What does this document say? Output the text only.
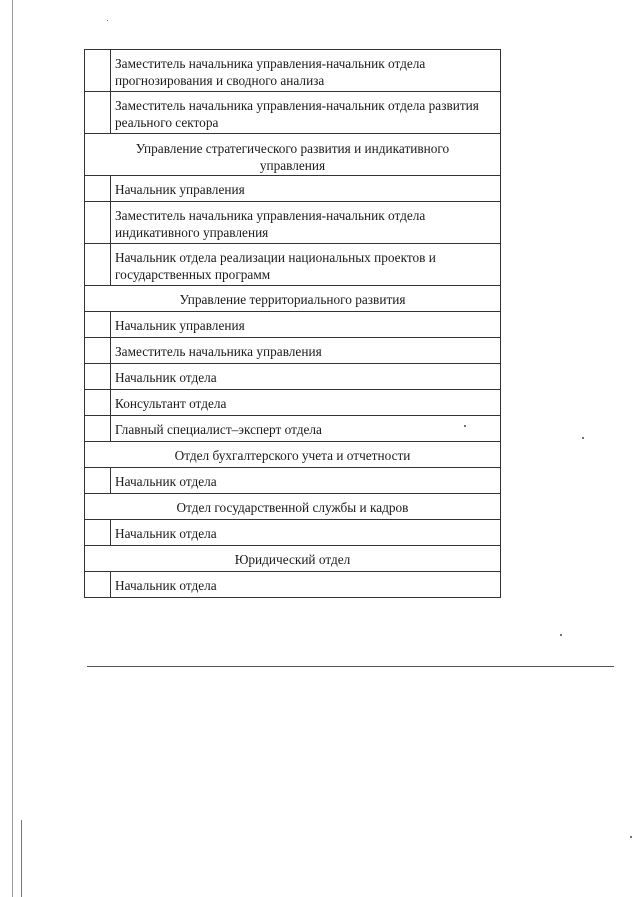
	Заместитель начальника управления-начальник отдела прогнозирования и сводного анализа
	Заместитель начальника управления-начальник отдела развития реального сектора
Управление стратегического развития и индикативного управления	
	Начальник управления
	Заместитель начальника управления-начальник отдела индикативного управления
	Начальник отдела реализации национальных проектов и государственных программ
Управление территориального развития	
	Начальник управления
	Заместитель начальника управления
	Начальник отдела
	Консультант отдела
	Главный специалист–эксперт отдела
Отдел бухгалтерского учета и отчетности	
	Начальник отдела
Отдел государственной службы и кадров	
	Начальник отдела
Юридический отдел	
	Начальник отдела
